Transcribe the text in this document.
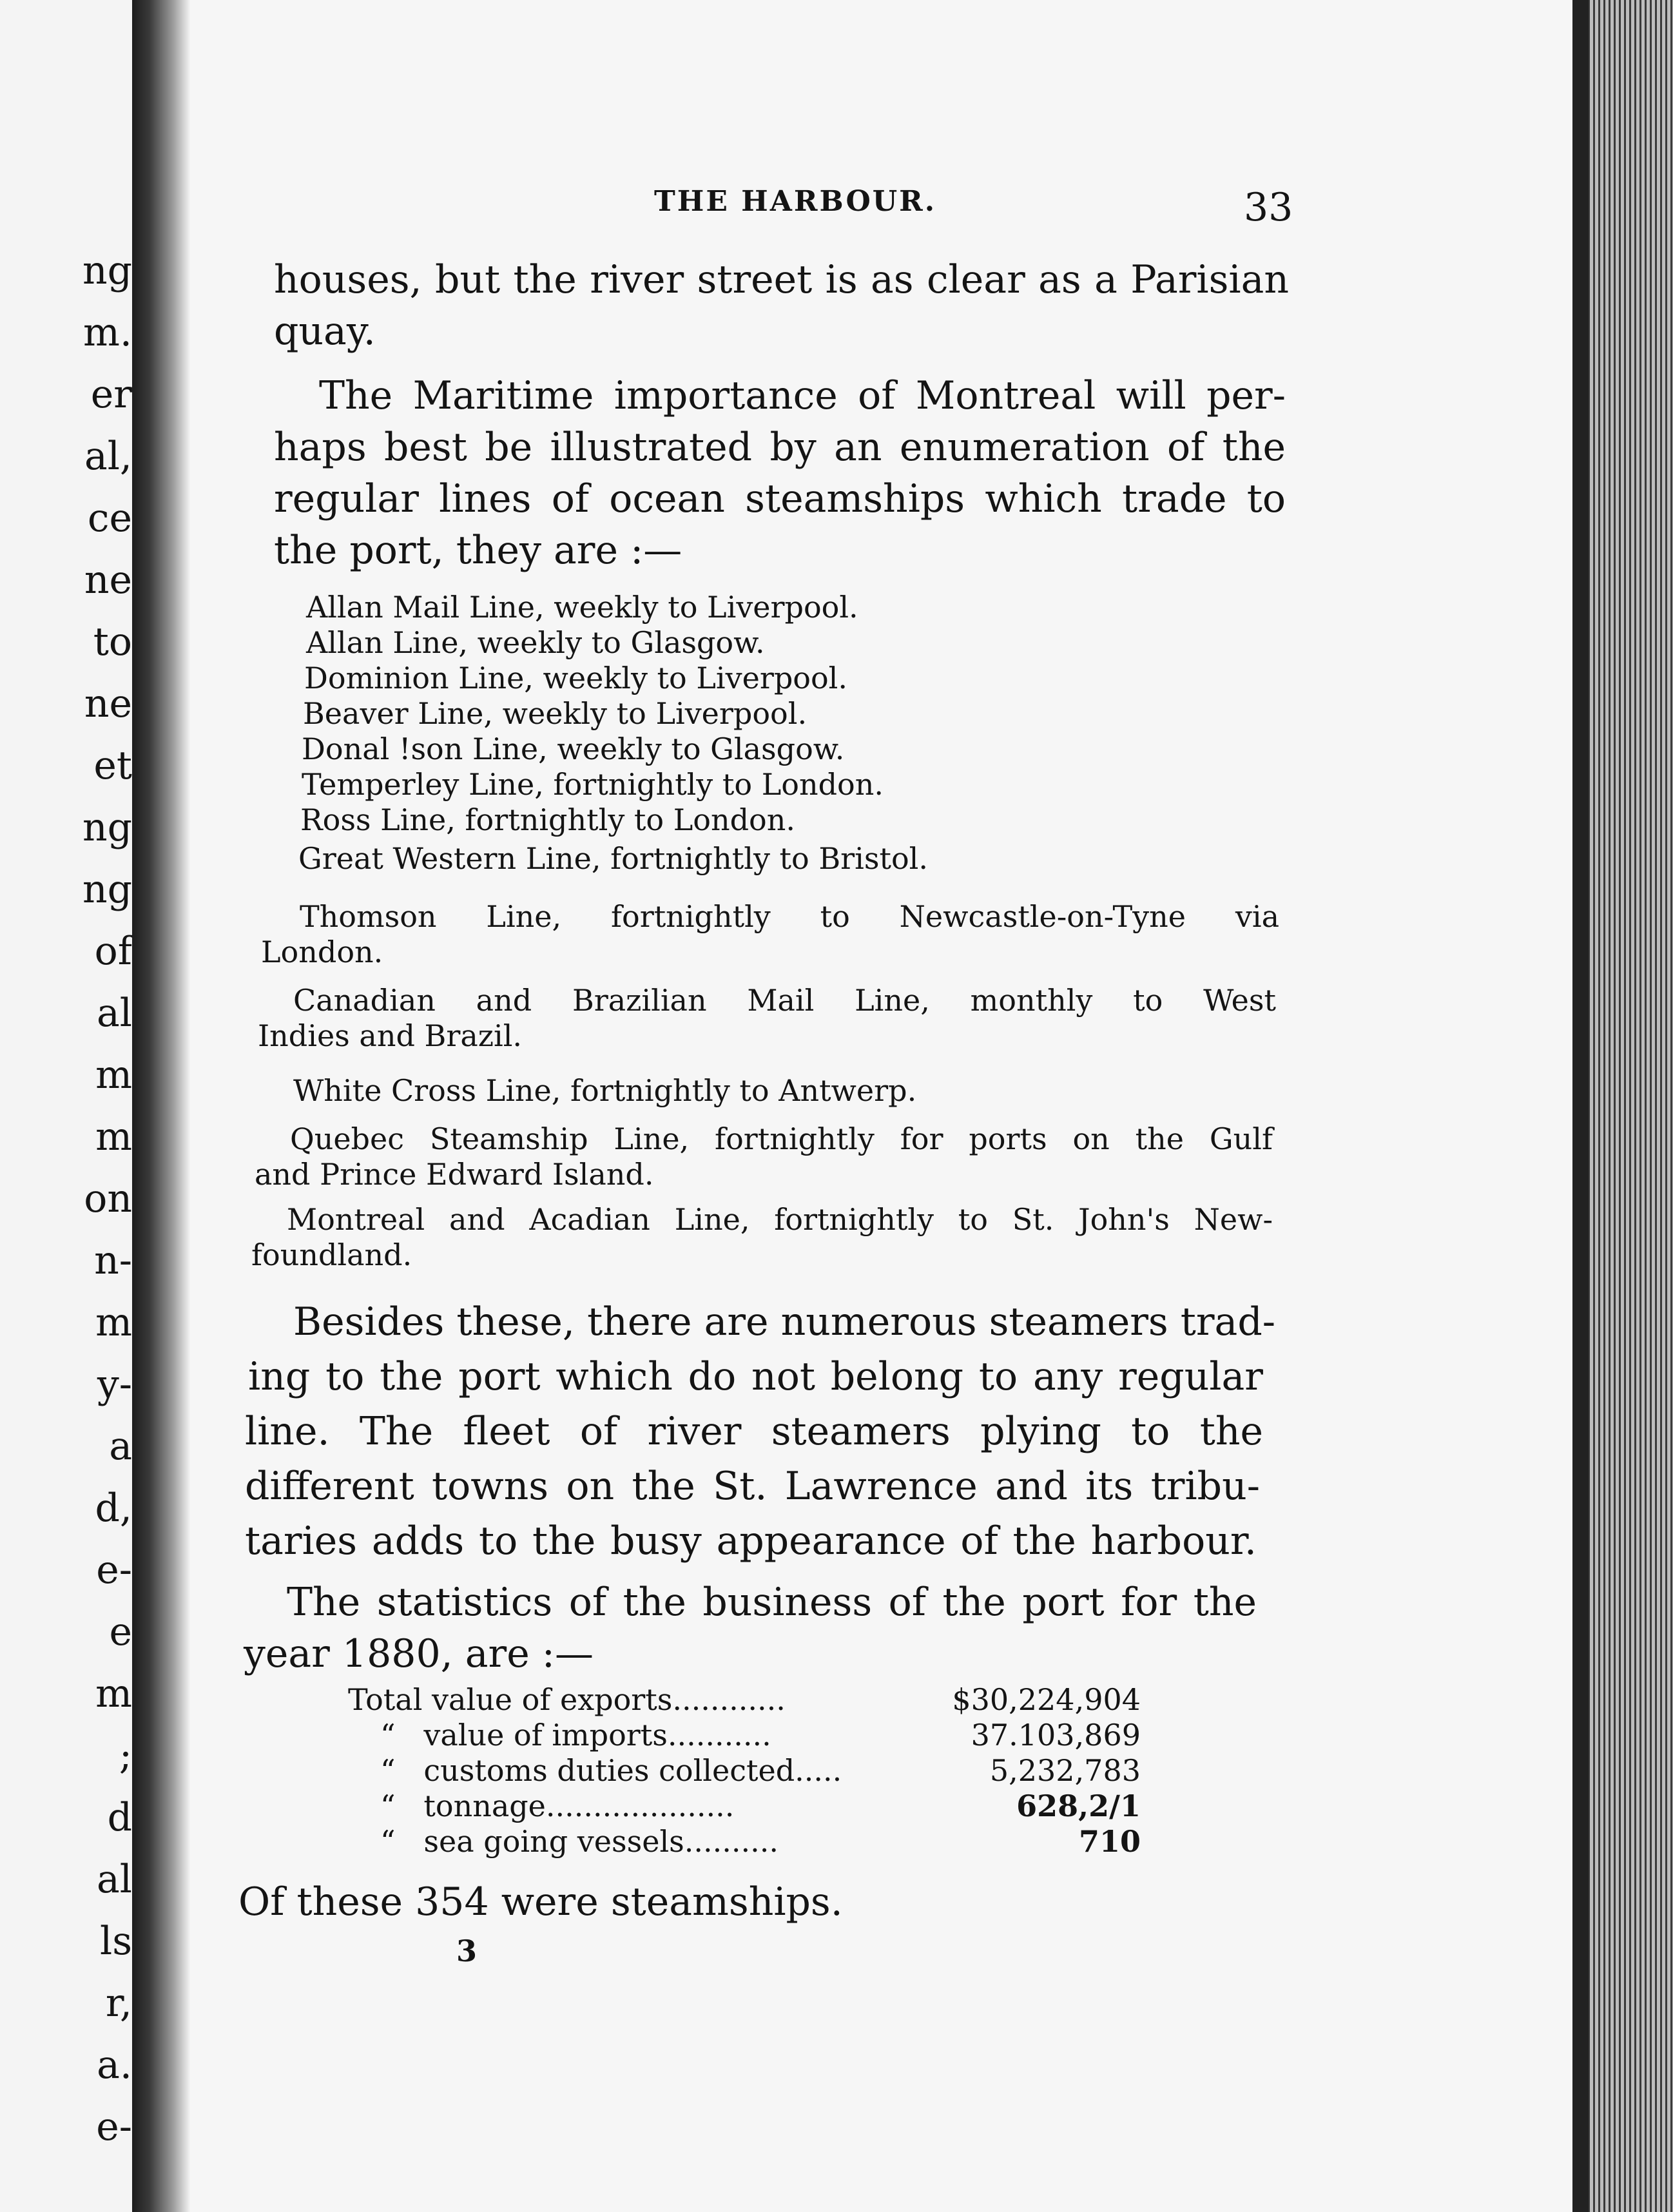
ng
m.
er
al,
ce
ne
to
ne
et
ng
ng
of
al
m
m
on
n-
m
y-
a
d,
e-
e
m
;
d
al
ls
r,
a.
e-
THE HARBOUR.	33
houses, but the river street is as clear as a Parisian
quay.
The Maritime importance of Montreal will per-
haps best be illustrated by an enumeration of the
regular lines of ocean steamships which trade to
the port, they are :—
Allan Mail Line, weekly to Liverpool.
Allan Line, weekly to Glasgow.
Dominion Line, weekly to Liverpool.
Beaver Line, weekly to Liverpool.
Donal !son Line, weekly to Glasgow.
Temperley Line, fortnightly to London.
Ross Line, fortnightly to London.
Great Western Line, fortnightly to Bristol.
Thomson Line, fortnightly to Newcastle-on-Tyne via
London.
Canadian and Brazilian Mail Line, monthly to West
Indies and Brazil.
White Cross Line, fortnightly to Antwerp.
Quebec Steamship Line, fortnightly for ports on the Gulf
and Prince Edward Island.
Montreal and Acadian Line, fortnightly to St. John's New-
foundland.
Besides these, there are numerous steamers trad-
ing to the port which do not belong to any regular
line. The fleet of river steamers plying to the
different towns on the St. Lawrence and its tribu-
taries adds to the busy appearance of the harbour.
The statistics of the business of the port for the
year 1880, are :—
Total value of exports............	$30,224,904
“   value of imports...........	37.103,869
“   customs duties collected.....	5,232,783
“   tonnage....................	628,2/1
“   sea going vessels..........	710
Of these 354 were steamships.
3
